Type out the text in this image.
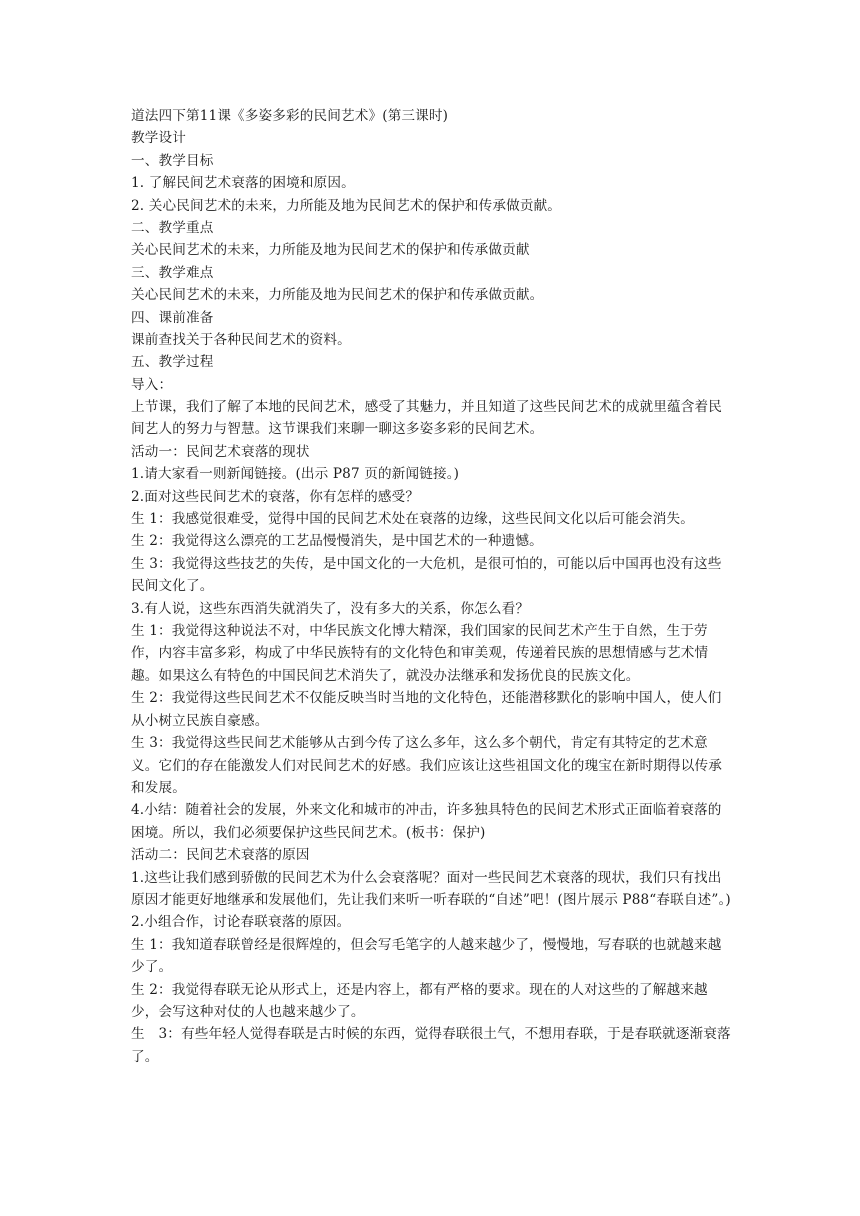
道法四下第11课《多姿多彩的民间艺术》(第三课时)
教学设计
一、教学目标
1. 了解民间艺术衰落的困境和原因。
2. 关心民间艺术的未来，力所能及地为民间艺术的保护和传承做贡献。
二、教学重点
关心民间艺术的未来，力所能及地为民间艺术的保护和传承做贡献
三、教学难点
关心民间艺术的未来，力所能及地为民间艺术的保护和传承做贡献。
四、课前准备
课前查找关于各种民间艺术的资料。
五、教学过程
导入：
上节课，我们了解了本地的民间艺术，感受了其魅力，并且知道了这些民间艺术的成就里蕴含着民间艺人的努力与智慧。这节课我们来聊一聊这多姿多彩的民间艺术。
活动一：民间艺术衰落的现状
1.请大家看一则新闻链接。(出示 P87 页的新闻链接。)
2.面对这些民间艺术的衰落，你有怎样的感受？
生 1：我感觉很难受，觉得中国的民间艺术处在衰落的边缘，这些民间文化以后可能会消失。
生 2：我觉得这么漂亮的工艺品慢慢消失，是中国艺术的一种遗憾。
生 3：我觉得这些技艺的失传，是中国文化的一大危机，是很可怕的，可能以后中国再也没有这些民间文化了。
3.有人说，这些东西消失就消失了，没有多大的关系，你怎么看？
生 1：我觉得这种说法不对，中华民族文化博大精深，我们国家的民间艺术产生于自然，生于劳作，内容丰富多彩，构成了中华民族特有的文化特色和审美观，传递着民族的思想情感与艺术情趣。如果这么有特色的中国民间艺术消失了，就没办法继承和发扬优良的民族文化。
生 2：我觉得这些民间艺术不仅能反映当时当地的文化特色，还能潜移默化的影响中国人，使人们从小树立民族自豪感。
生 3：我觉得这些民间艺术能够从古到今传了这么多年，这么多个朝代，肯定有其特定的艺术意义。它们的存在能激发人们对民间艺术的好感。我们应该让这些祖国文化的瑰宝在新时期得以传承和发展。
4.小结：随着社会的发展，外来文化和城市的冲击，许多独具特色的民间艺术形式正面临着衰落的困境。所以，我们必须要保护这些民间艺术。(板书：保护)
活动二：民间艺术衰落的原因
1.这些让我们感到骄傲的民间艺术为什么会衰落呢？面对一些民间艺术衰落的现状，我们只有找出原因才能更好地继承和发展他们，先让我们来听一听春联的“自述”吧！(图片展示 P88“春联自述”。)
2.小组合作，讨论春联衰落的原因。
生 1：我知道春联曾经是很辉煌的，但会写毛笔字的人越来越少了，慢慢地，写春联的也就越来越少了。
生 2：我觉得春联无论从形式上，还是内容上，都有严格的要求。现在的人对这些的了解越来越少，会写这种对仗的人也越来越少了。
生　3：有些年轻人觉得春联是古时候的东西，觉得春联很土气，不想用春联，于是春联就逐渐衰落了。
